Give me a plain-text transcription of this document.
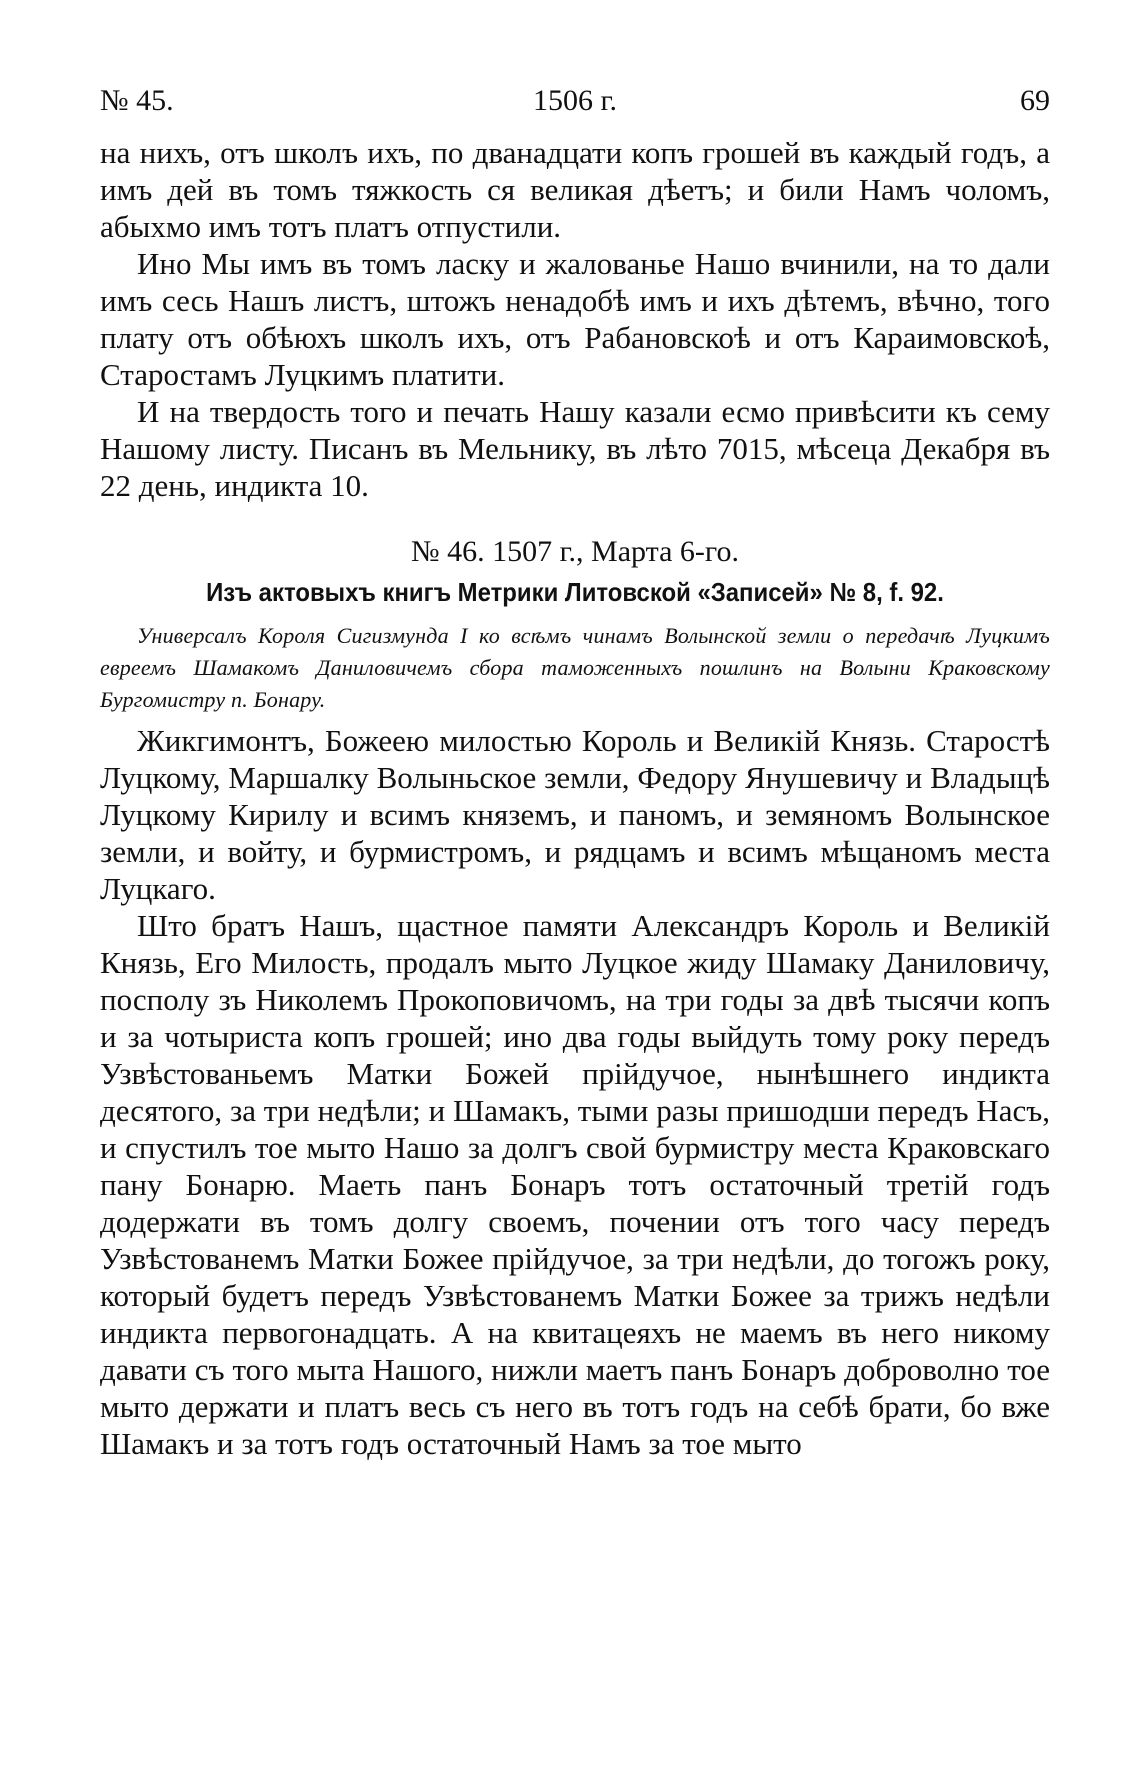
№ 45.	1506 г.	69

на нихъ, отъ школъ ихъ, по дванадцати копъ грошей въ каждый годъ, а имъ дей въ томъ тяжкость ся великая дѣетъ; и били Намъ чоломъ, абыхмо имъ тотъ платъ отпустили.

Ино Мы имъ въ томъ ласку и жалованье Нашо вчинили, на то дали имъ сесь Нашъ листъ, штожъ ненадобѣ имъ и ихъ дѣтемъ, вѣчно, того плату отъ обѣюхъ школъ ихъ, отъ Рабановскоѣ и отъ Караимовскоѣ, Старостамъ Луцкимъ платити.

И на твердость того и печать Нашу казали есмо привѣсити къ сему Нашому листу. Писанъ въ Мельнику, въ лѣто 7015, мѣсеца Декабря въ 22 день, индикта 10.

№ 46. 1507 г., Марта 6-го.
Изъ актовыхъ книгъ Метрики Литовской «Записей» № 8, f. 92.
Универсалъ Короля Сигизмунда I ко всѣмъ чинамъ Волынской земли о передачѣ Луцкимъ евреемъ Шамакомъ Даниловичемъ сбора таможенныхъ пошлинъ на Волыни Краковскому Бургомистру п. Бонару.

Жикгимонтъ, Божеею милостью Король и Великій Князь. Старостѣ Луцкому, Маршалку Волыньское земли, Федору Янушевичу и Владыцѣ Луцкому Кирилу и всимъ княземъ, и паномъ, и земяномъ Волынское земли, и войту, и бурмистромъ, и рядцамъ и всимъ мѣщаномъ места Луцкаго.

Што братъ Нашъ, щастное памяти Александръ Король и Великій Князь, Его Милость, продалъ мыто Луцкое жиду Шамаку Даниловичу, посполу зъ Николемъ Прокоповичомъ, на три годы за двѣ тысячи копъ и за чотыриста копъ грошей; ино два годы выйдуть тому року передъ Узвѣстованьемъ Матки Божей прійдучое, нынѣшнего индикта десятого, за три недѣли; и Шамакъ, тыми разы пришодши передъ Насъ, и спустилъ тое мыто Нашо за долгъ свой бурмистру места Краковскаго пану Бонарю. Маеть панъ Бонаръ тотъ остаточный третій годъ додержати въ томъ долгу своемъ, почении отъ того часу передъ Узвѣстованемъ Матки Божее прійдучое, за три недѣли, до тогожъ року, который будетъ передъ Узвѣстованемъ Матки Божее за трижъ недѣли индикта первогонадцать. А на квитацеяхъ не маемъ въ него никому давати съ того мыта Нашого, нижли маетъ панъ Бонаръ доброволно тое мыто держати и платъ весь съ него въ тотъ годъ на себѣ брати, бо вже Шамакъ и за тотъ годъ остаточный Намъ за тое мыто
